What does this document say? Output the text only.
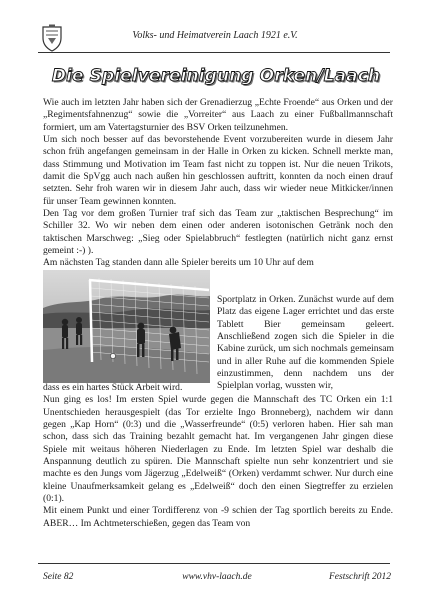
Volks- und Heimatverein Laach 1921 e.V.
Die Spielvereinigung Orken/Laach

Wie auch im letzten Jahr haben sich der Grenadierzug „Echte Froende“ aus Orken und der „Regimentsfahnenzug“ sowie die „Vorreiter“ aus Laach zu einer Fußballmannschaft formiert, um am Vatertagsturnier des BSV Orken teilzunehmen.

Um sich noch besser auf das bevorstehende Event vorzubereiten wurde in diesem Jahr schon früh angefangen gemeinsam in der Halle in Orken zu kicken. Schnell merkte man, dass Stimmung und Motivation im Team fast nicht zu toppen ist. Nur die neuen Trikots, damit die SpVgg auch nach außen hin geschlossen auftritt, konnten da noch einen drauf setzten. Sehr froh waren wir in diesem Jahr auch, dass wir wieder neue Mitkicker/innen für unser Team gewinnen konnten.

Den Tag vor dem großen Turnier traf sich das Team zur „taktischen Besprechung“ im Schiller 32. Wo wir neben dem einen oder anderen isotonischen Getränk noch den taktischen Marschweg: „Sieg oder Spielabbruch“ festlegten (natürlich nicht ganz ernst gemeint :-) ).

Am nächsten Tag standen dann alle Spieler bereits um 10 Uhr auf dem

Sportplatz in Orken. Zunächst wurde auf dem Platz das eigene Lager errichtet und das erste Tablett Bier gemeinsam geleert. Anschließend zogen sich die Spieler in die Kabine zurück, um sich nochmals gemeinsam und in aller Ruhe auf die kommenden Spiele einzustimmen, denn nachdem uns der Spielplan vorlag, wussten wir,

dass es ein hartes Stück Arbeit wird.

Nun ging es los! Im ersten Spiel wurde gegen die Mannschaft des TC Orken ein 1:1 Unentschieden herausgespielt (das Tor erzielte Ingo Bronneberg), nachdem wir dann gegen „Kap Horn“ (0:3) und die „Wasserfreunde“ (0:5) verloren haben. Hier sah man schon, dass sich das Training bezahlt gemacht hat. Im vergangenen Jahr gingen diese Spiele mit weitaus höheren Niederlagen zu Ende. Im letzten Spiel war deshalb die Anspannung deutlich zu spüren. Die Mannschaft spielte nun sehr konzentriert und sie machte es den Jungs vom Jägerzug „Edelweiß“ (Orken) verdammt schwer. Nur durch eine kleine Unaufmerksamkeit gelang es „Edelweiß“ doch den einen Siegtreffer zu erzielen (0:1).

Mit einem Punkt und einer Tordifferenz von -9 schien der Tag sportlich bereits zu Ende. ABER… Im Achtmeterschießen, gegen das Team von

Seite 82	www.vhv-laach.de	Festschrift 2012
